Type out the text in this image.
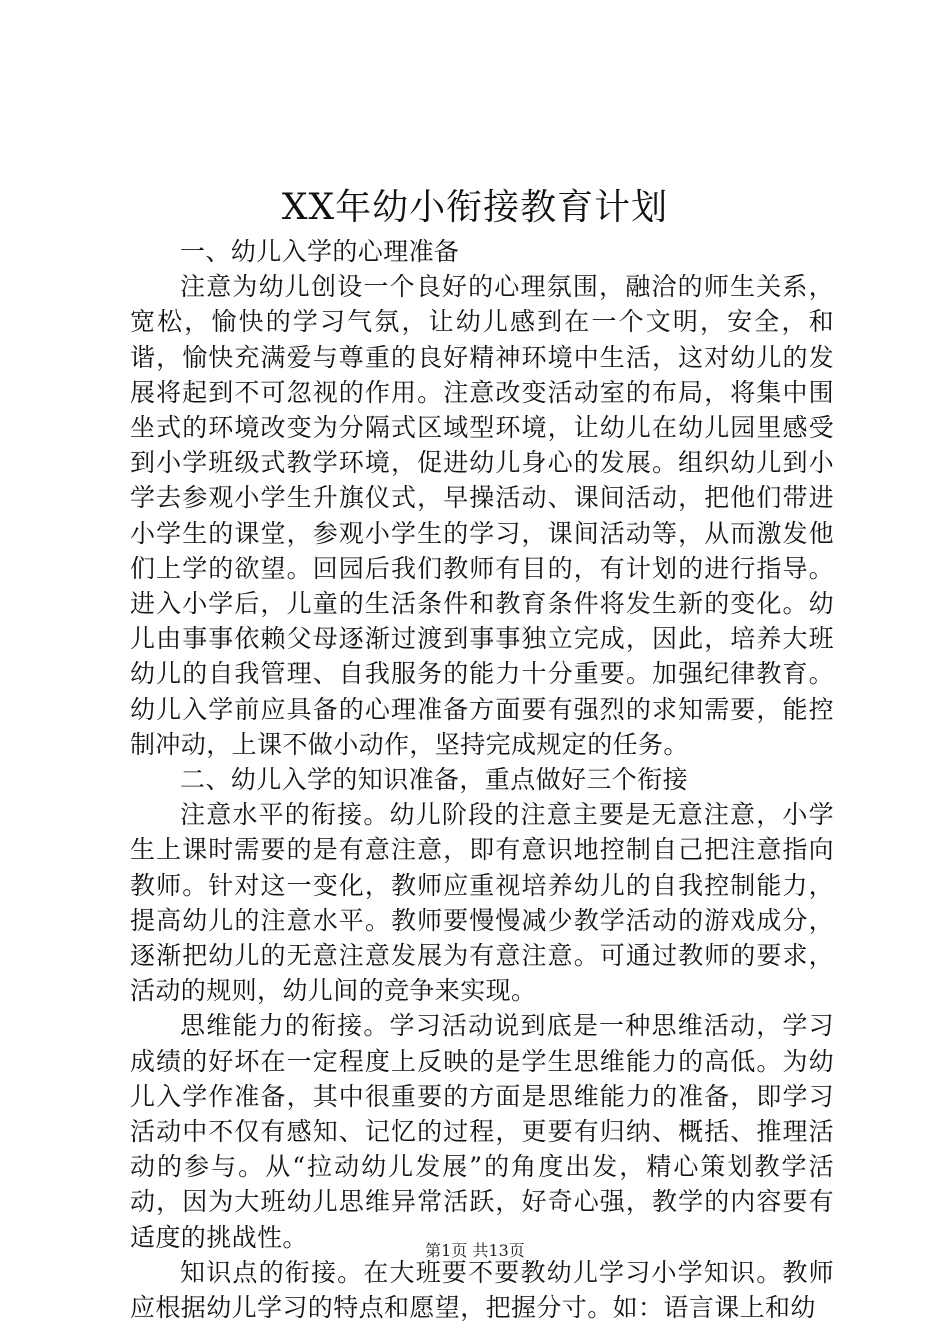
XX年幼小衔接教育计划

一、幼儿入学的心理准备

注意为幼儿创设一个良好的心理氛围，融洽的师生关系，宽松，愉快的学习气氛，让幼儿感到在一个文明，安全，和谐，愉快充满爱与尊重的良好精神环境中生活，这对幼儿的发展将起到不可忽视的作用。注意改变活动室的布局，将集中围坐式的环境改变为分隔式区域型环境，让幼儿在幼儿园里感受到小学班级式教学环境，促进幼儿身心的发展。组织幼儿到小学去参观小学生升旗仪式，早操活动、课间活动，把他们带进小学生的课堂，参观小学生的学习，课间活动等，从而激发他们上学的欲望。回园后我们教师有目的，有计划的进行指导。进入小学后，儿童的生活条件和教育条件将发生新的变化。幼儿由事事依赖父母逐渐过渡到事事独立完成，因此，培养大班幼儿的自我管理、自我服务的能力十分重要。加强纪律教育。幼儿入学前应具备的心理准备方面要有强烈的求知需要，能控制冲动，上课不做小动作，坚持完成规定的任务。

二、幼儿入学的知识准备，重点做好三个衔接

注意水平的衔接。幼儿阶段的注意主要是无意注意，小学生上课时需要的是有意注意，即有意识地控制自己把注意指向教师。针对这一变化，教师应重视培养幼儿的自我控制能力，提高幼儿的注意水平。教师要慢慢减少教学活动的游戏成分，逐渐把幼儿的无意注意发展为有意注意。可通过教师的要求，活动的规则，幼儿间的竞争来实现。

思维能力的衔接。学习活动说到底是一种思维活动，学习成绩的好坏在一定程度上反映的是学生思维能力的高低。为幼儿入学作准备，其中很重要的方面是思维能力的准备，即学习活动中不仅有感知、记忆的过程，更要有归纳、概括、推理活动的参与。从“拉动幼儿发展”的角度出发，精心策划教学活动，因为大班幼儿思维异常活跃，好奇心强，教学的内容要有适度的挑战性。

知识点的衔接。在大班要不要教幼儿学习小学知识。教师应根据幼儿学习的特点和愿望，把握分寸。如：语言课上和幼

第1页 共13页
